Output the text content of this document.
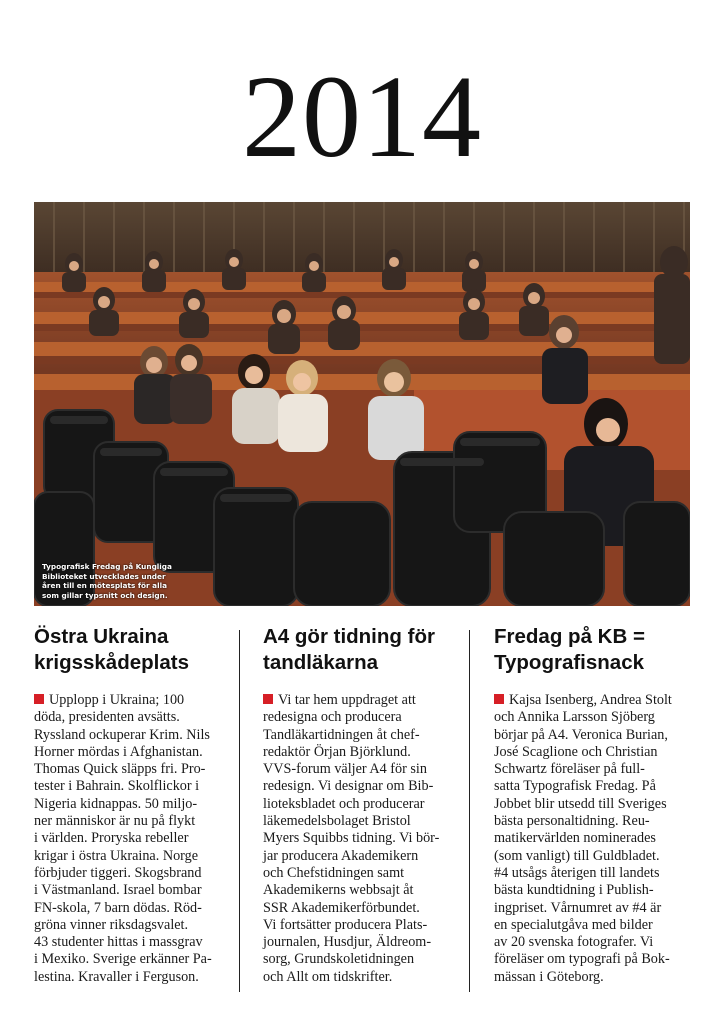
2014
Typografisk Fredag på Kungliga Biblioteket utvecklades under åren till en mötesplats för alla som gillar typsnitt och design.
Östra Ukraina krigsskådeplats
Upplopp i Ukraina; 100
döda, presidenten avsätts.
Ryssland ockuperar Krim. Nils
Horner mördas i Afghanistan.
Thomas Quick släpps fri. Pro-
tester i Bahrain. Skolflickor i
Nigeria kidnappas. 50 miljo-
ner människor är nu på flykt
i världen. Proryska rebeller
krigar i östra Ukraina. Norge
förbjuder tiggeri. Skogsbrand
i Västmanland. Israel bombar
FN-skola, 7 barn dödas. Röd-
gröna vinner riksdagsvalet.
43 studenter hittas i massgrav
i Mexiko. Sverige erkänner Pa-
lestina. Kravaller i Ferguson.
A4 gör tidning för tandläkarna
Vi tar hem uppdraget att
redesigna och producera
Tandläkartidningen åt chef-
redaktör Örjan Björklund.
VVS-forum väljer A4 för sin
redesign. Vi designar om Bib-
lioteksbladet och producerar
läkemedelsbolaget Bristol
Myers Squibbs tidning. Vi bör-
jar producera Akademikern
och Chefstidningen samt
Akademikerns webbsajt åt
SSR Akademikerförbundet.
Vi fortsätter producera Plats-
journalen, Husdjur, Äldreom-
sorg, Grundskoletidningen
och Allt om tidskrifter.
Fredag på KB = Typografisnack
Kajsa Isenberg, Andrea Stolt
och Annika Larsson Sjöberg
börjar på A4. Veronica Burian,
José Scaglione och Christian
Schwartz föreläser på full-
satta Typografisk Fredag. På
Jobbet blir utsedd till Sveriges
bästa personaltidning. Reu-
matikervärlden nominerades
(som vanligt) till Guldbladet.
#4 utsågs återigen till landets
bästa kundtidning i Publish-
ingpriset. Vårnumret av #4 är
en specialutgåva med bilder
av 20 svenska fotografer. Vi
föreläser om typografi på Bok-
mässan i Göteborg.
